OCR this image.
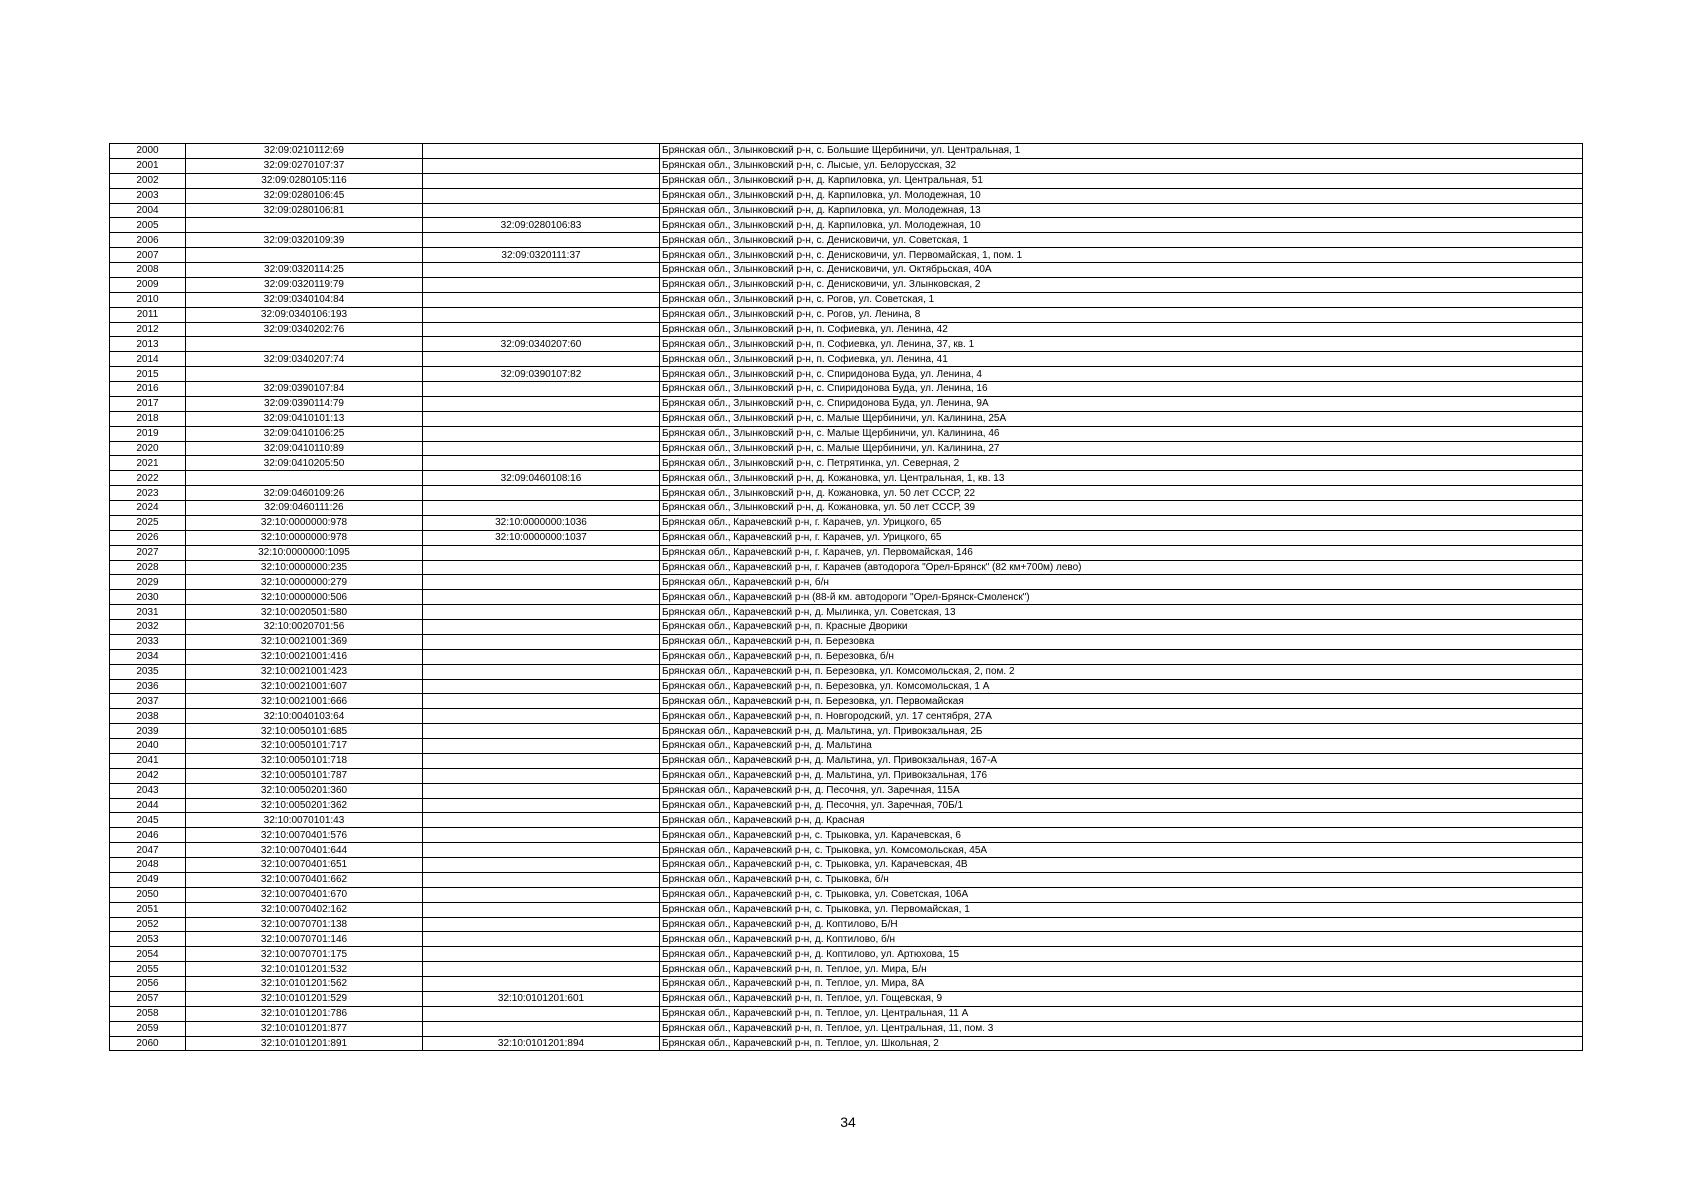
2000	32:09:0210112:69		Брянская обл., Злынковский р-н, с. Большие Щербиничи, ул. Центральная, 1
2001	32:09:0270107:37		Брянская обл., Злынковский р-н, с. Лысые, ул. Белорусская, 32
2002	32:09:0280105:116		Брянская обл., Злынковский р-н, д. Карпиловка, ул. Центральная, 51
2003	32:09:0280106:45		Брянская обл., Злынковский р-н, д. Карпиловка, ул. Молодежная, 10
2004	32:09:0280106:81		Брянская обл., Злынковский р-н, д. Карпиловка, ул. Молодежная, 13
2005		32:09:0280106:83	Брянская обл., Злынковский р-н, д. Карпиловка, ул. Молодежная, 10
2006	32:09:0320109:39		Брянская обл., Злынковский р-н, с. Денисковичи, ул. Советская, 1
2007		32:09:0320111:37	Брянская обл., Злынковский р-н, с. Денисковичи, ул. Первомайская, 1, пом. 1
2008	32:09:0320114:25		Брянская обл., Злынковский р-н, с. Денисковичи, ул. Октябрьская, 40А
2009	32:09:0320119:79		Брянская обл., Злынковский р-н, с. Денисковичи, ул. Злынковская, 2
2010	32:09:0340104:84		Брянская обл., Злынковский р-н, с. Рогов, ул. Советская, 1
2011	32:09:0340106:193		Брянская обл., Злынковский р-н, с. Рогов, ул. Ленина, 8
2012	32:09:0340202:76		Брянская обл., Злынковский р-н, п. Софиевка, ул. Ленина, 42
2013		32:09:0340207:60	Брянская обл., Злынковский р-н, п. Софиевка, ул. Ленина, 37, кв. 1
2014	32:09:0340207:74		Брянская обл., Злынковский р-н, п. Софиевка, ул. Ленина, 41
2015		32:09:0390107:82	Брянская обл., Злынковский р-н, с. Спиридонова Буда, ул. Ленина, 4
2016	32:09:0390107:84		Брянская обл., Злынковский р-н, с. Спиридонова Буда, ул. Ленина, 16
2017	32:09:0390114:79		Брянская обл., Злынковский р-н, с. Спиридонова Буда, ул. Ленина, 9А
2018	32:09:0410101:13		Брянская обл., Злынковский р-н, с. Малые Щербиничи, ул. Калинина, 25А
2019	32:09:0410106:25		Брянская обл., Злынковский р-н, с. Малые Щербиничи, ул. Калинина, 46
2020	32:09:0410110:89		Брянская обл., Злынковский р-н, с. Малые Щербиничи, ул. Калинина, 27
2021	32:09:0410205:50		Брянская обл., Злынковский р-н, с. Петрятинка, ул. Северная, 2
2022		32:09:0460108:16	Брянская обл., Злынковский р-н, д. Кожановка, ул. Центральная, 1, кв. 13
2023	32:09:0460109:26		Брянская обл., Злынковский р-н, д. Кожановка, ул. 50 лет СССР, 22
2024	32:09:0460111:26		Брянская обл., Злынковский р-н, д. Кожановка, ул. 50 лет СССР, 39
2025	32:10:0000000:978	32:10:0000000:1036	Брянская обл., Карачевский р-н, г. Карачев, ул. Урицкого, 65
2026	32:10:0000000:978	32:10:0000000:1037	Брянская обл., Карачевский р-н, г. Карачев, ул. Урицкого, 65
2027	32:10:0000000:1095		Брянская обл., Карачевский р-н, г. Карачев, ул. Первомайская, 146
2028	32:10:0000000:235		Брянская обл., Карачевский р-н, г. Карачев (автодорога "Орел-Брянск" (82 км+700м) лево)
2029	32:10:0000000:279		Брянская обл., Карачевский р-н, б/н
2030	32:10:0000000:506		Брянская обл., Карачевский р-н (88-й км. автодороги "Орел-Брянск-Смоленск")
2031	32:10:0020501:580		Брянская обл., Карачевский р-н, д. Мылинка, ул. Советская, 13
2032	32:10:0020701:56		Брянская обл., Карачевский р-н, п. Красные Дворики
2033	32:10:0021001:369		Брянская обл., Карачевский р-н, п. Березовка
2034	32:10:0021001:416		Брянская обл., Карачевский р-н, п. Березовка, б/н
2035	32:10:0021001:423		Брянская обл., Карачевский р-н, п. Березовка, ул. Комсомольская, 2, пом. 2
2036	32:10:0021001:607		Брянская обл., Карачевский р-н, п. Березовка, ул. Комсомольская, 1 А
2037	32:10:0021001:666		Брянская обл., Карачевский р-н, п. Березовка, ул. Первомайская
2038	32:10:0040103:64		Брянская обл., Карачевский р-н, п. Новгородский, ул. 17 сентября, 27А
2039	32:10:0050101:685		Брянская обл., Карачевский р-н, д. Мальтина, ул. Привокзальная, 2Б
2040	32:10:0050101:717		Брянская обл., Карачевский р-н, д. Мальтина
2041	32:10:0050101:718		Брянская обл., Карачевский р-н, д. Мальтина, ул. Привокзальная, 167-А
2042	32:10:0050101:787		Брянская обл., Карачевский р-н, д. Мальтина, ул. Привокзальная, 176
2043	32:10:0050201:360		Брянская обл., Карачевский р-н, д. Песочня, ул. Заречная, 115А
2044	32:10:0050201:362		Брянская обл., Карачевский р-н, д. Песочня, ул. Заречная, 70Б/1
2045	32:10:0070101:43		Брянская обл., Карачевский р-н, д. Красная
2046	32:10:0070401:576		Брянская обл., Карачевский р-н, с. Трыковка, ул. Карачевская, 6
2047	32:10:0070401:644		Брянская обл., Карачевский р-н, с. Трыковка, ул. Комсомольская, 45А
2048	32:10:0070401:651		Брянская обл., Карачевский р-н, с. Трыковка, ул. Карачевская, 4В
2049	32:10:0070401:662		Брянская обл., Карачевский р-н, с. Трыковка, б/н
2050	32:10:0070401:670		Брянская обл., Карачевский р-н, с. Трыковка, ул. Советская, 106А
2051	32:10:0070402:162		Брянская обл., Карачевский р-н, с. Трыковка, ул. Первомайская, 1
2052	32:10:0070701:138		Брянская обл., Карачевский р-н, д. Коптилово, Б/Н
2053	32:10:0070701:146		Брянская обл., Карачевский р-н, д. Коптилово, б/н
2054	32:10:0070701:175		Брянская обл., Карачевский р-н, д. Коптилово, ул. Артюхова, 15
2055	32:10:0101201:532		Брянская обл., Карачевский р-н, п. Теплое, ул. Мира, Б/н
2056	32:10:0101201:562		Брянская обл., Карачевский р-н, п. Теплое, ул. Мира, 8А
2057	32:10:0101201:529	32:10:0101201:601	Брянская обл., Карачевский р-н, п. Теплое, ул. Гощевская, 9
2058	32:10:0101201:786		Брянская обл., Карачевский р-н, п. Теплое, ул. Центральная, 11 А
2059	32:10:0101201:877		Брянская обл., Карачевский р-н, п. Теплое, ул. Центральная, 11, пом. 3
2060	32:10:0101201:891	32:10:0101201:894	Брянская обл., Карачевский р-н, п. Теплое, ул. Школьная, 2
34
